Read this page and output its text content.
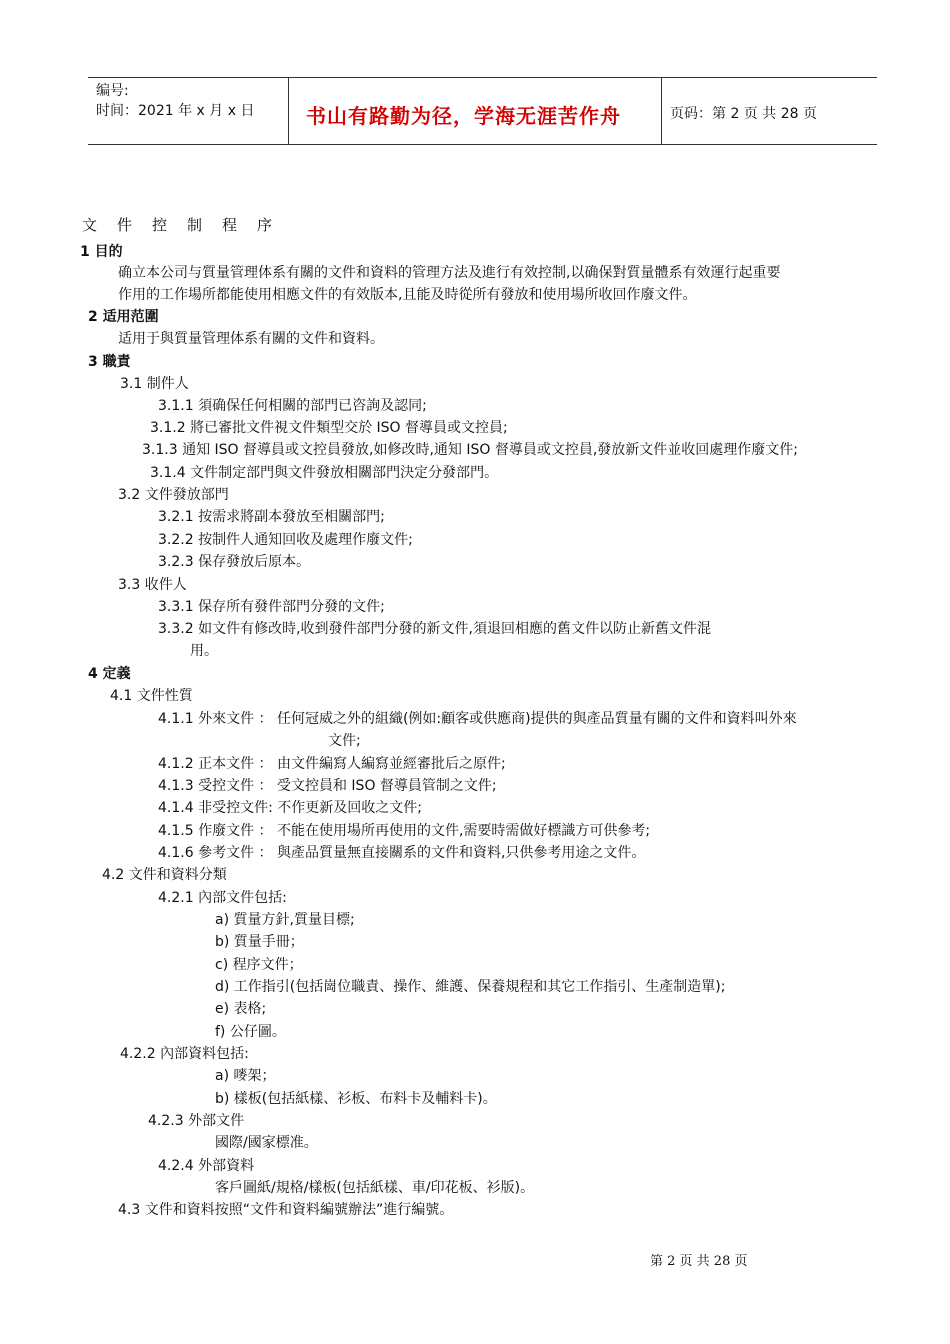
编号:
时间：2021 年 x 月 x 日	书山有路勤为径，学海无涯苦作舟	页码：第 2 页 共 28 页
文件控制程序
1 目的
确立本公司与質量管理体系有關的文件和資料的管理方法及進行有效控制,以确保對質量體系有效運行起重要
作用的工作場所都能使用相應文件的有效版本,且能及時從所有發放和使用場所收回作廢文件。
2 适用范圍
适用于與質量管理体系有關的文件和資料。
3 職責
3.1 制件人
3.1.1 須确保任何相關的部門已咨詢及認同;
3.1.2 將已審批文件視文件類型交於 ISO 督導員或文控員;
3.1.3 通知 ISO 督導員或文控員發放,如修改時,通知 ISO 督導員或文控員,發放新文件並收回處理作廢文件;
3.1.4 文件制定部門與文件發放相關部門決定分發部門。
3.2 文件發放部門
3.2.1 按需求將副本發放至相關部門;
3.2.2 按制件人通知回收及處理作廢文件;
3.2.3 保存發放后原本。
3.3 收件人
3.3.1 保存所有發件部門分發的文件;
3.3.2 如文件有修改時,收到發件部門分發的新文件,須退回相應的舊文件以防止新舊文件混
用。
4 定義
4.1 文件性質
4.1.1 外來文件 ： 任何冠威之外的組織(例如:顧客或供應商)提供的與產品質量有關的文件和資料叫外來
文件;
4.1.2 正本文件 ： 由文件編寫人編寫並經審批后之原件;
4.1.3 受控文件 ： 受文控員和 ISO 督導員管制之文件;
4.1.4 非受控文件: 不作更新及回收之文件;
4.1.5 作廢文件 ： 不能在使用場所再使用的文件,需要時需做好標識方可供參考;
4.1.6 參考文件 ： 與產品質量無直接關系的文件和資料,只供參考用途之文件。
4.2 文件和資料分類
4.2.1 內部文件包括:
a) 質量方針,質量目標;
b) 質量手冊；
c) 程序文件；
d) 工作指引(包括崗位職責、操作、維護、保養規程和其它工作指引、生產制造單);
e) 表格;
f) 公仔圖。
4.2.2 內部資料包括:
a) 嘜架；
b) 樣板(包括紙樣、衫板、布料卡及輔料卡)。
4.2.3 外部文件
國際/國家標准。
4.2.4 外部資料
客戶圖紙/規格/樣板(包括紙樣、車/印花板、衫版)。
4.3 文件和資料按照“文件和資料編號辦法”進行編號。
第 2 页 共 28 页
